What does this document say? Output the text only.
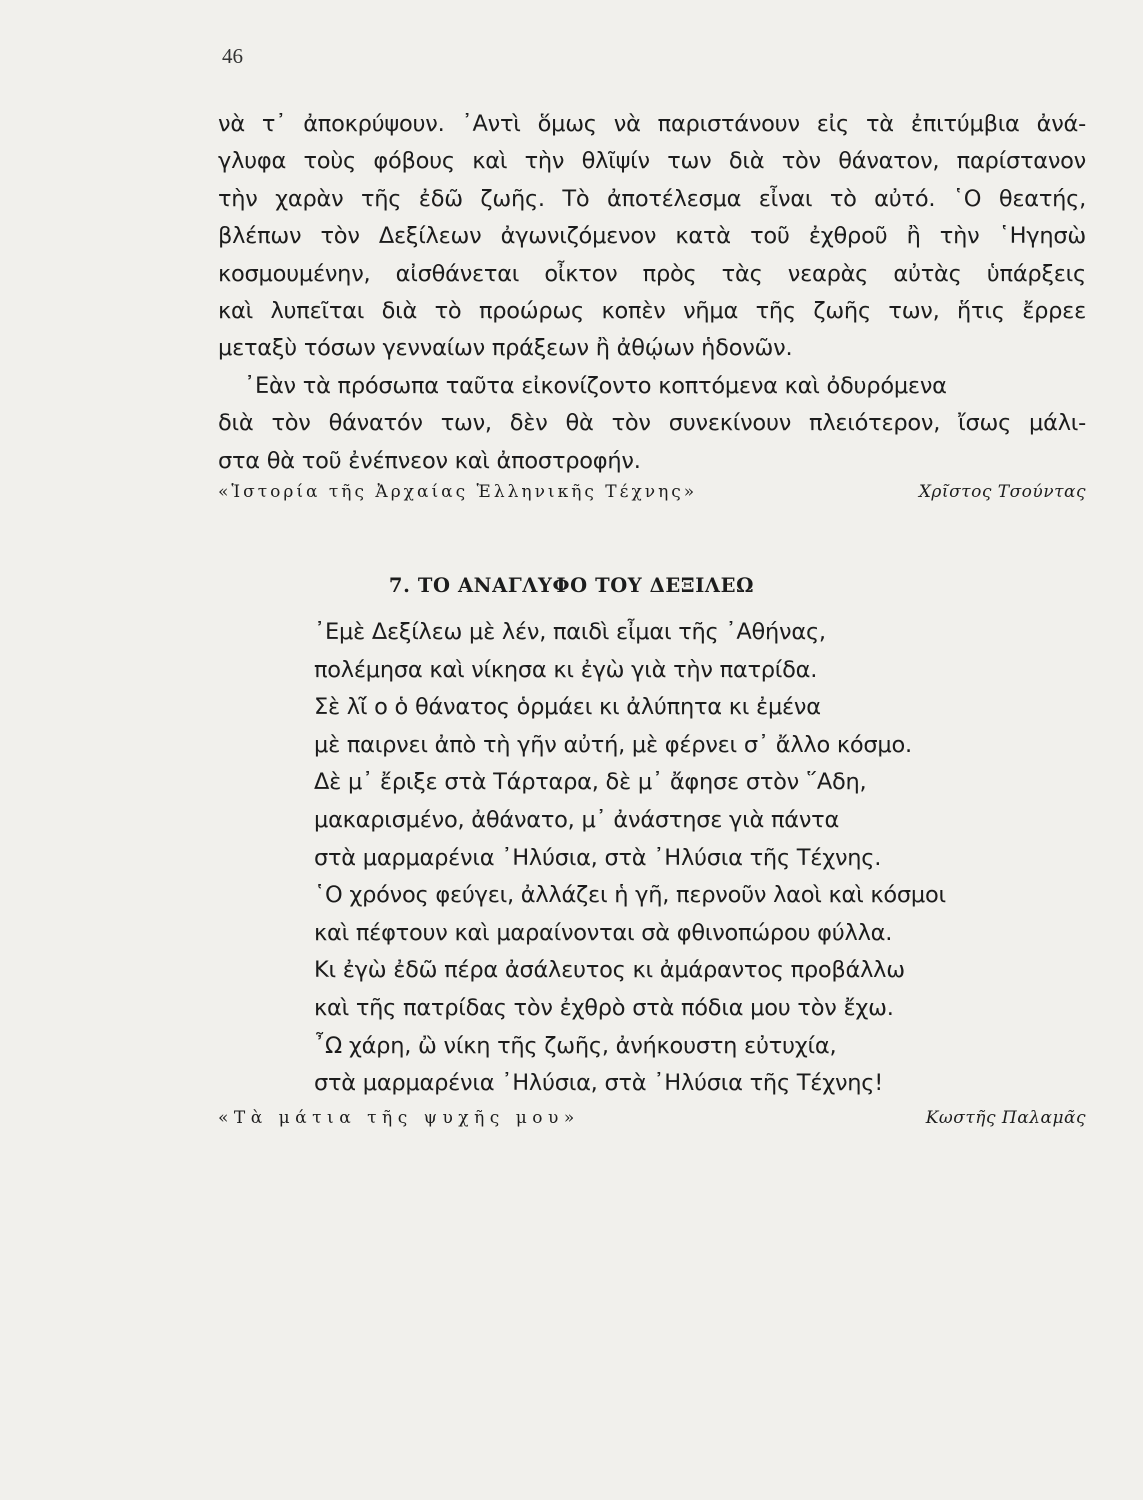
46
νὰ τ᾽ ἀποκρύψουν. ᾽Αντὶ ὅμως νὰ παριστάνουν εἰς τὰ ἐπιτύμβια ἀνά-
γλυφα τοὺς φόβους καὶ τὴν θλῖψίν των διὰ τὸν θάνατον, παρίστανον
τὴν χαρὰν τῆς ἐδῶ ζωῆς. Τὸ ἀποτέλεσμα εἶναι τὸ αὐτό. ῾Ο θεατής,
βλέπων τὸν Δεξίλεων ἀγωνιζόμενον κατὰ τοῦ ἐχθροῦ ἢ τὴν ῾Ηγησὼ
κοσμουμένην, αἰσθάνεται οἶκτον πρὸς τὰς νεαρὰς αὐτὰς ὑπάρξεις
καὶ λυπεῖται διὰ τὸ προώρως κοπὲν νῆμα τῆς ζωῆς των, ἥτις ἔρρεε
μεταξὺ τόσων γενναίων πράξεων ἢ ἀθῴων ἡδονῶν.
᾽Εὰν τὰ πρόσωπα ταῦτα εἰκονίζοντο κοπτόμενα καὶ ὀδυρόμενα
διὰ τὸν θάνατόν των, δὲν θὰ τὸν συνεκίνουν πλειότερον, ἴσως μάλι-
στα θὰ τοῦ ἐνέπνεον καὶ ἀποστροφήν.
«Ἱστορία τῆς Ἀρχαίας Ἑλληνικῆς Τέχνης»	Χρῖστος Τσούντας
7. ΤΟ ΑΝΑΓΛΥΦΟ ΤΟΥ ΔΕΞΙΛΕΩ
᾽Εμὲ Δεξίλεω μὲ λέν, παιδὶ εἶμαι τῆς ᾽Αθήνας,
πολέμησα καὶ νίκησα κι ἐγὼ γιὰ τὴν πατρίδα.
Σὲ λί͂ ο ὁ θάνατος ὁρμάει κι ἀλύπητα κι ἐμένα
μὲ παιρνει ἀπὸ τὴ γῆν αὐτή, μὲ φέρνει σ᾽ ἄλλο κόσμο.
Δὲ μ᾽ ἔριξε στὰ Τάρταρα, δὲ μ᾽ ἄφησε στὸν ῞Αδη,
μακαρισμένο, ἀθάνατο, μ᾽ ἀνάστησε γιὰ πάντα
στὰ μαρμαρένια ᾽Ηλύσια, στὰ ᾽Ηλύσια τῆς Τέχνης.
῾Ο χρόνος φεύγει, ἀλλάζει ἡ γῆ, περνοῦν λαοὶ καὶ κόσμοι
καὶ πέφτουν καὶ μαραίνονται σὰ φθινοπώρου φύλλα.
Κι ἐγὼ ἐδῶ πέρα ἀσάλευτος κι ἀμάραντος προβάλλω
καὶ τῆς πατρίδας τὸν ἐχθρὸ στὰ πόδια μου τὸν ἔχω.
῏Ω χάρη, ὢ νίκη τῆς ζωῆς, ἀνήκουστη εὐτυχία,
στὰ μαρμαρένια ᾽Ηλύσια, στὰ ᾽Ηλύσια τῆς Τέχνης!
«Τὰ μάτια τῆς ψυχῆς μου»	Κωστῆς Παλαμᾶς
